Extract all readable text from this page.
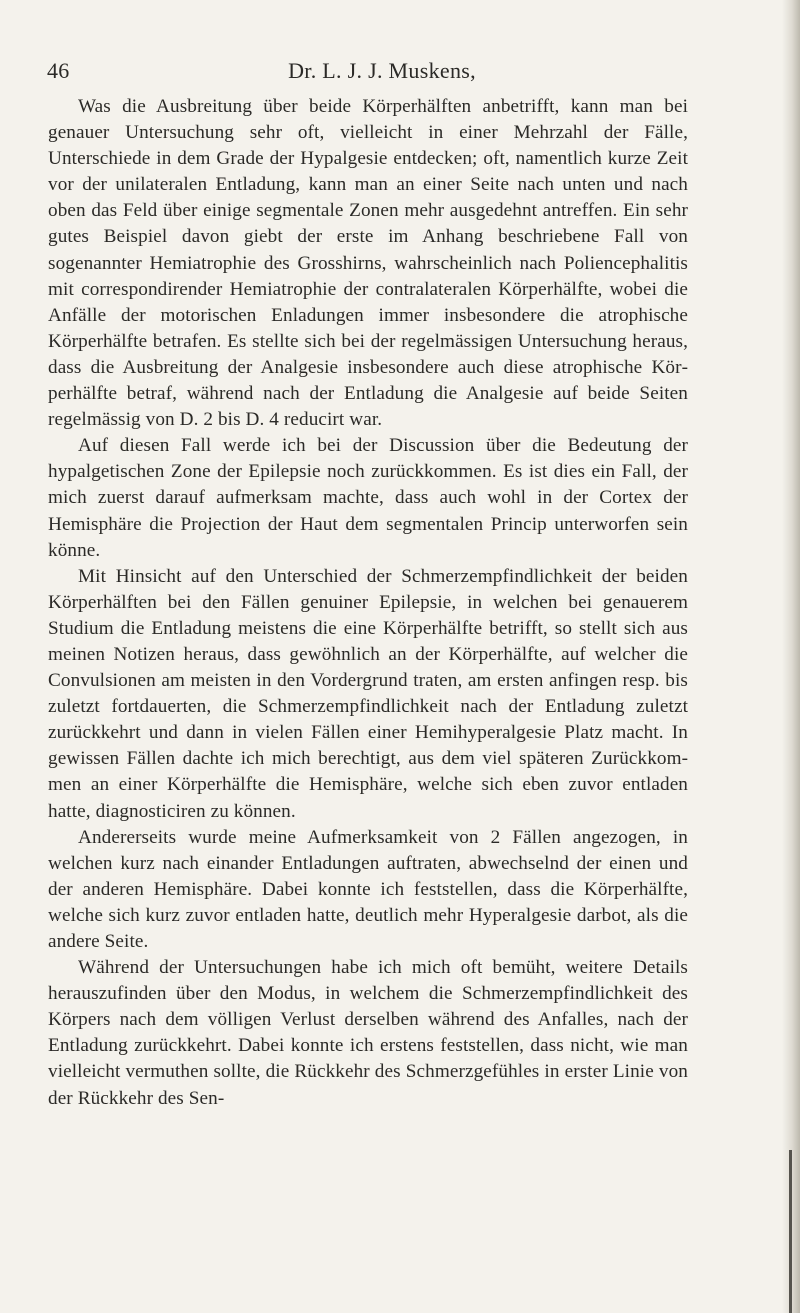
46	Dr. L. J. J. Muskens,

Was die Ausbreitung über beide Körperhälften anbetrifft, kann man bei genauer Untersuchung sehr oft, vielleicht in einer Mehrzahl der Fälle, Unterschiede in dem Grade der Hypalgesie entdecken; oft, namentlich kurze Zeit vor der unilateralen Entladung, kann man an einer Seite nach unten und nach oben das Feld über einige segmentale Zonen mehr ausgedehnt antreffen. Ein sehr gutes Beispiel davon giebt der erste im Anhang beschriebene Fall von sogenannter Hemiatrophie des Grosshirns, wahrscheinlich nach Poliencephalitis mit correspondirender Hemiatrophie der contralateralen Körperhälfte, wobei die Anfälle der motorischen Enladungen immer insbesondere die atrophische Körperhälfte betrafen. Es stellte sich bei der regelmässigen Untersuchung heraus, dass die Ausbreitung der Analgesie insbesondere auch diese atrophische Körperhälfte betraf, während nach der Entladung die Analgesie auf beide Seiten regelmässig von D. 2 bis D. 4 reducirt war.

Auf diesen Fall werde ich bei der Discussion über die Bedeutung der hypalgetischen Zone der Epilepsie noch zurückkommen. Es ist dies ein Fall, der mich zuerst darauf aufmerksam machte, dass auch wohl in der Cortex der Hemisphäre die Projection der Haut dem segmentalen Princip unterworfen sein könne.

Mit Hinsicht auf den Unterschied der Schmerzempfindlichkeit der beiden Körperhälften bei den Fällen genuiner Epilepsie, in welchen bei genauerem Studium die Entladung meistens die eine Körperhälfte betrifft, so stellt sich aus meinen Notizen heraus, dass gewöhnlich an der Körperhälfte, auf welcher die Convulsionen am meisten in den Vordergrund traten, am ersten anfingen resp. bis zuletzt fortdauerten, die Schmerzempfindlichkeit nach der Entladung zuletzt zurückkehrt und dann in vielen Fällen einer Hemihyperalgesie Platz macht. In gewissen Fällen dachte ich mich berechtigt, aus dem viel späteren Zurückkommen an einer Körperhälfte die Hemisphäre, welche sich eben zuvor entladen hatte, diagnosticiren zu können.

Andererseits wurde meine Aufmerksamkeit von 2 Fällen angezogen, in welchen kurz nach einander Entladungen auftraten, abwechselnd der einen und der anderen Hemisphäre. Dabei konnte ich feststellen, dass die Körperhälfte, welche sich kurz zuvor entladen hatte, deutlich mehr Hyperalgesie darbot, als die andere Seite.

Während der Untersuchungen habe ich mich oft bemüht, weitere Details herauszufinden über den Modus, in welchem die Schmerzempfindlichkeit des Körpers nach dem völligen Verlust derselben während des Anfalles, nach der Entladung zurückkehrt. Dabei konnte ich erstens feststellen, dass nicht, wie man vielleicht vermuthen sollte, die Rückkehr des Schmerzgefühles in erster Linie von der Rückkehr des Sen-
